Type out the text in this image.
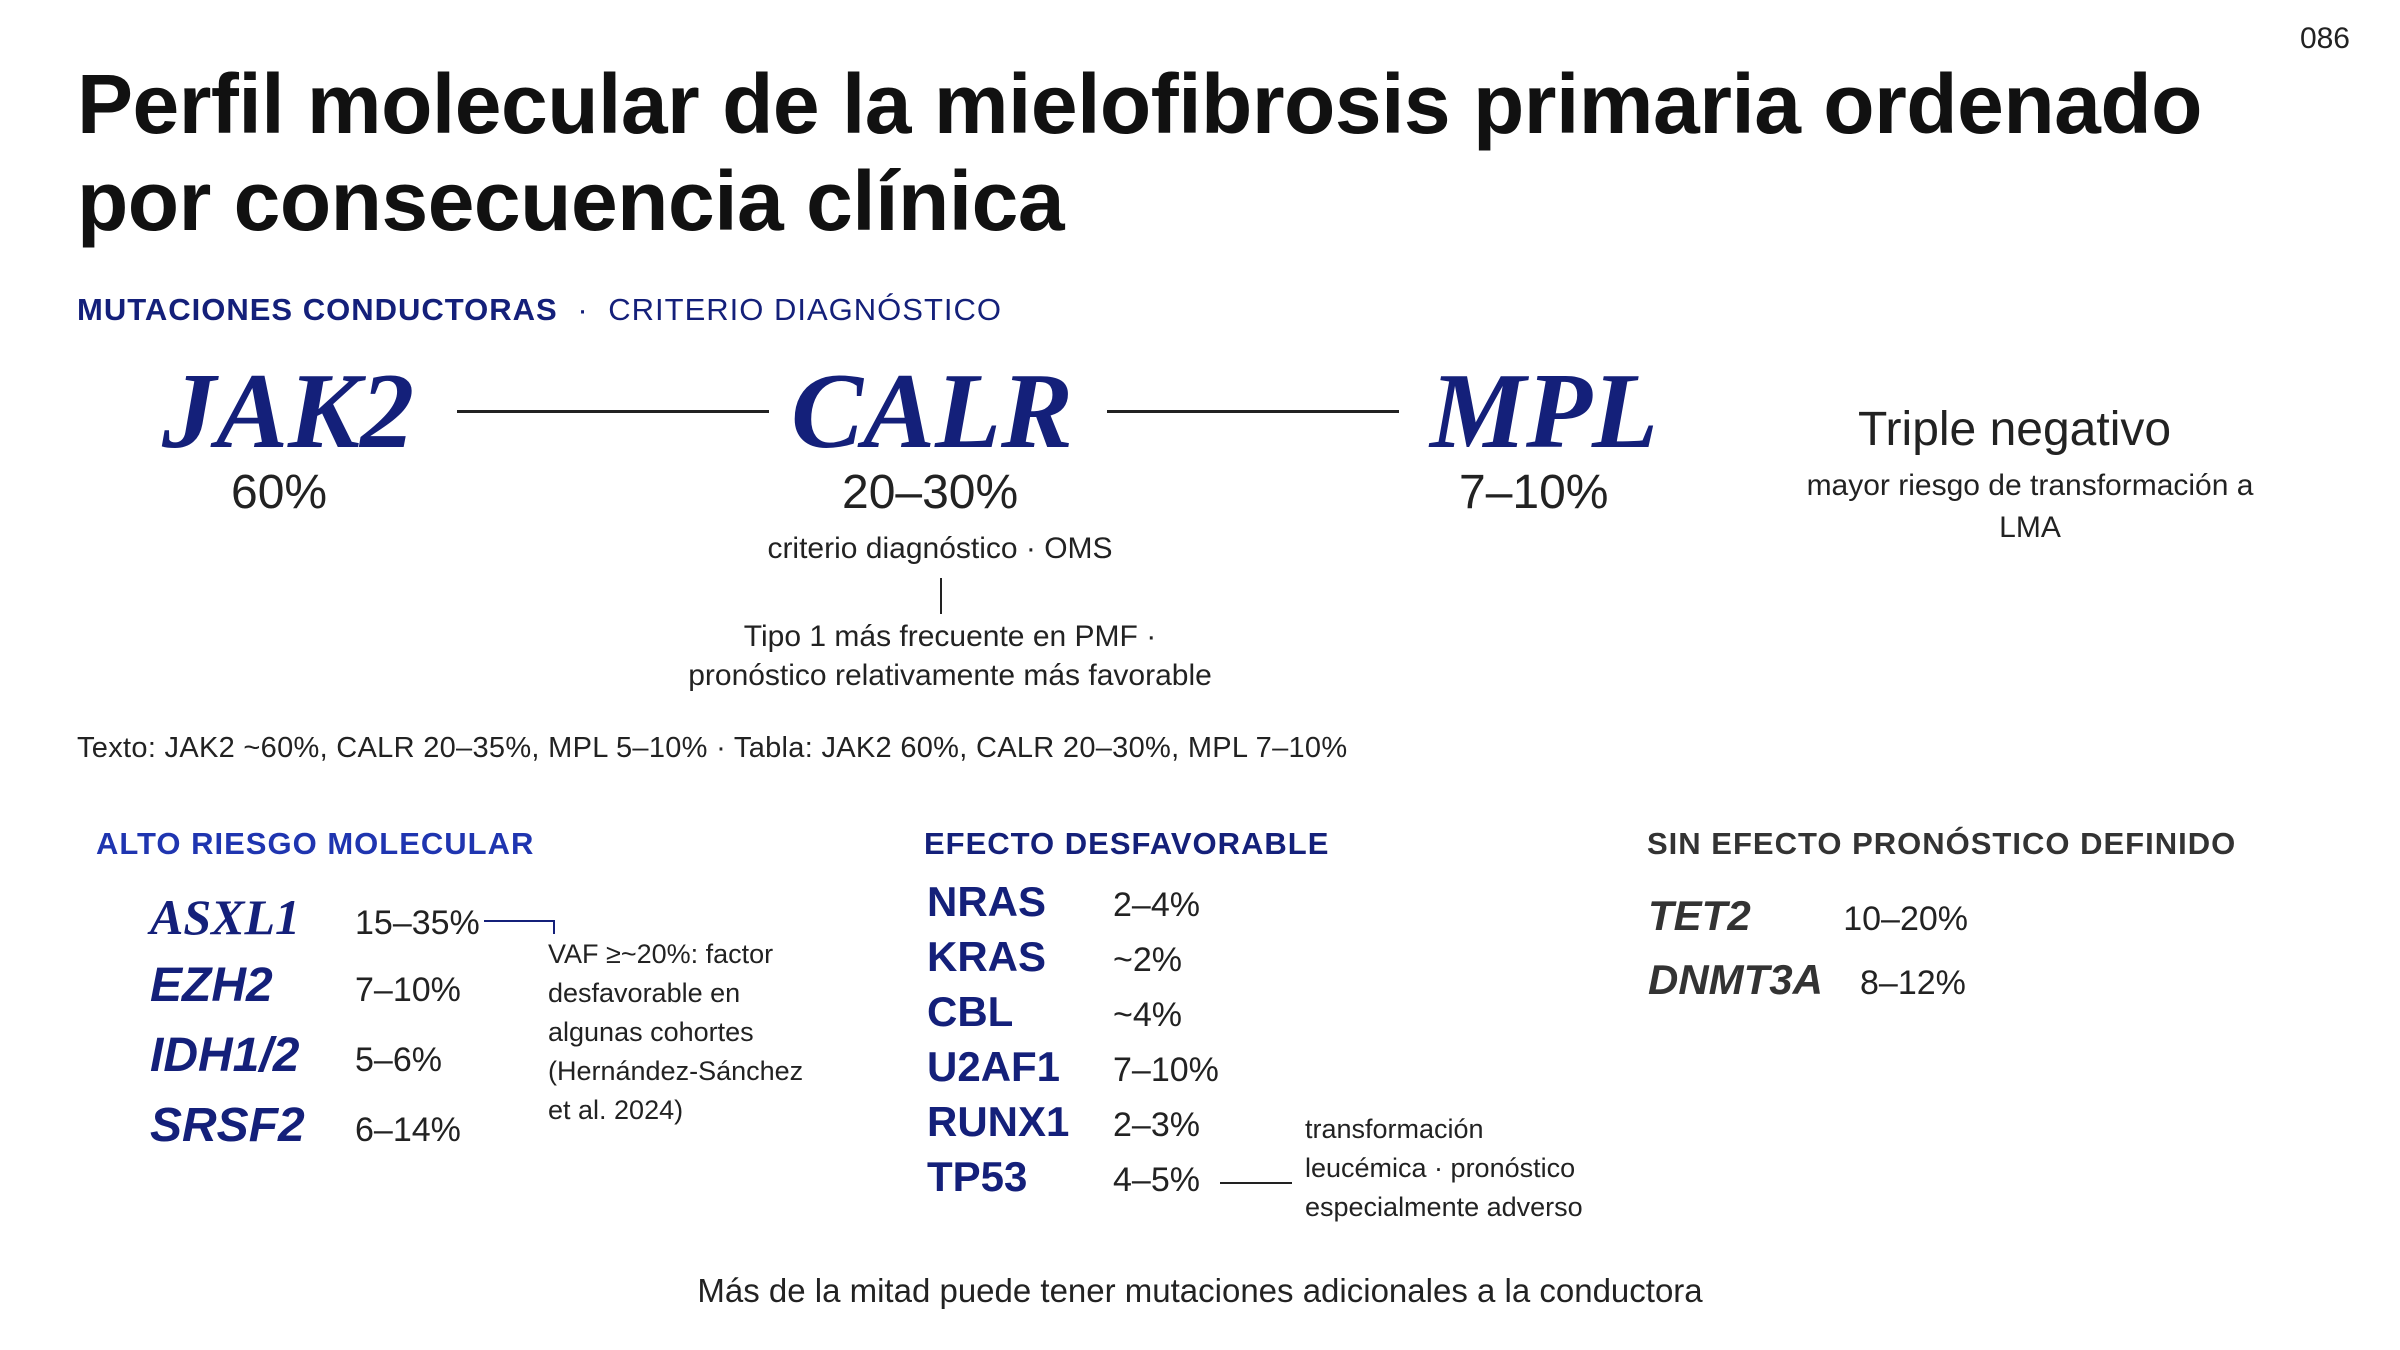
086
Perfil molecular de la mielofibrosis primaria ordenado por consecuencia clínica
MUTACIONES CONDUCTORAS · CRITERIO DIAGNÓSTICO
JAK2	CALR	MPL
60%	20–30%	7–10%
criterio diagnóstico · OMS
Tipo 1 más frecuente en PMF ·
pronóstico relativamente más favorable
Triple negativo
mayor riesgo de transformación a LMA
Texto: JAK2 ~60%, CALR 20–35%, MPL 5–10% · Tabla: JAK2 60%, CALR 20–30%, MPL 7–10%
ALTO RIESGO MOLECULAR
ASXL1	15–35%
EZH2	7–10%
IDH1/2	5–6%
SRSF2	6–14%
VAF ≥~20%: factor desfavorable en algunas cohortes (Hernández-Sánchez et al. 2024)
EFECTO DESFAVORABLE
NRAS	2–4%
KRAS	~2%
CBL	~4%
U2AF1	7–10%
RUNX1	2–3%
TP53	4–5%
transformación leucémica · pronóstico especialmente adverso
SIN EFECTO PRONÓSTICO DEFINIDO
TET2	10–20%
DNMT3A	8–12%
Más de la mitad puede tener mutaciones adicionales a la conductora
